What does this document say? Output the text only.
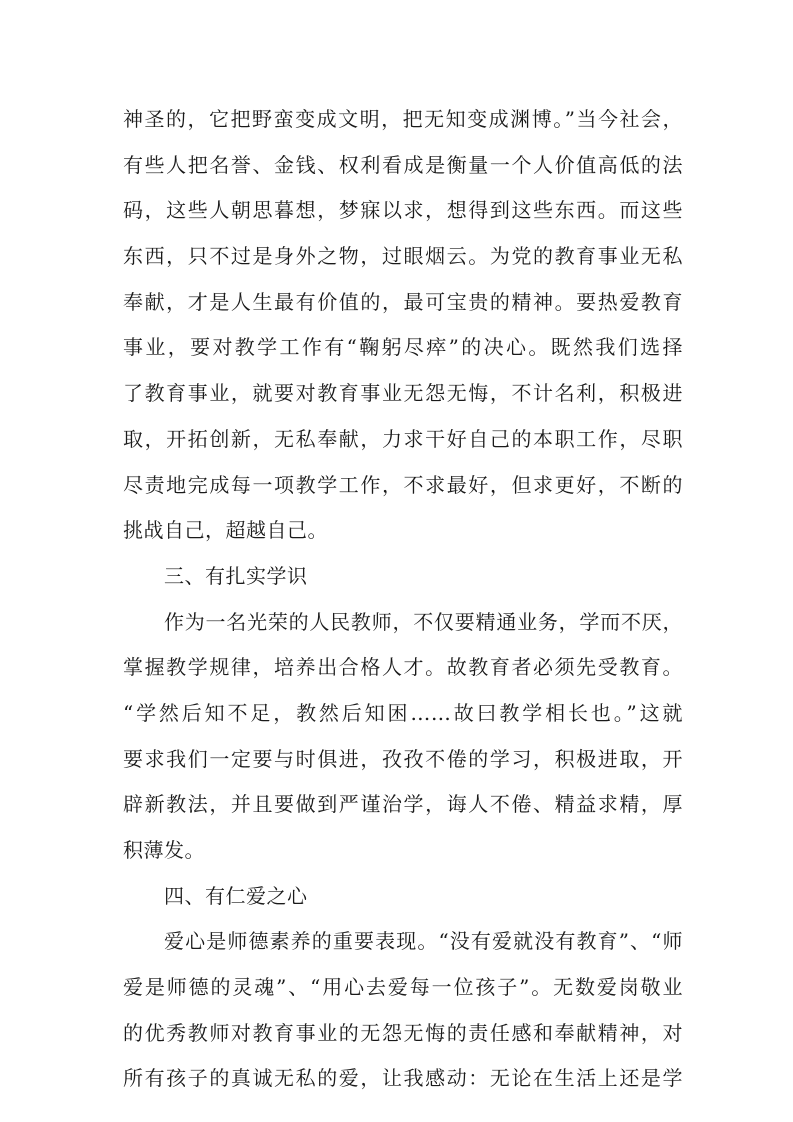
神圣的，它把野蛮变成文明，把无知变成渊博。”当今社会，
有些人把名誉、金钱、权利看成是衡量一个人价值高低的法
码，这些人朝思暮想，梦寐以求，想得到这些东西。而这些
东西，只不过是身外之物，过眼烟云。为党的教育事业无私
奉献，才是人生最有价值的，最可宝贵的精神。要热爱教育
事业，要对教学工作有“鞠躬尽瘁”的决心。既然我们选择
了教育事业，就要对教育事业无怨无悔，不计名利，积极进
取，开拓创新，无私奉献，力求干好自己的本职工作，尽职
尽责地完成每一项教学工作，不求最好，但求更好，不断的
挑战自己，超越自己。
三、有扎实学识
作为一名光荣的人民教师，不仅要精通业务，学而不厌，
掌握教学规律，培养出合格人才。故教育者必须先受教育。
“学然后知不足，教然后知困……故曰教学相长也。”这就
要求我们一定要与时俱进，孜孜不倦的学习，积极进取，开
辟新教法，并且要做到严谨治学，诲人不倦、精益求精，厚
积薄发。
四、有仁爱之心
爱心是师德素养的重要表现。“没有爱就没有教育”、“师
爱是师德的灵魂”、“用心去爱每一位孩子”。无数爱岗敬业
的优秀教师对教育事业的无怨无悔的责任感和奉献精神，对
所有孩子的真诚无私的爱，让我感动：无论在生活上还是学
